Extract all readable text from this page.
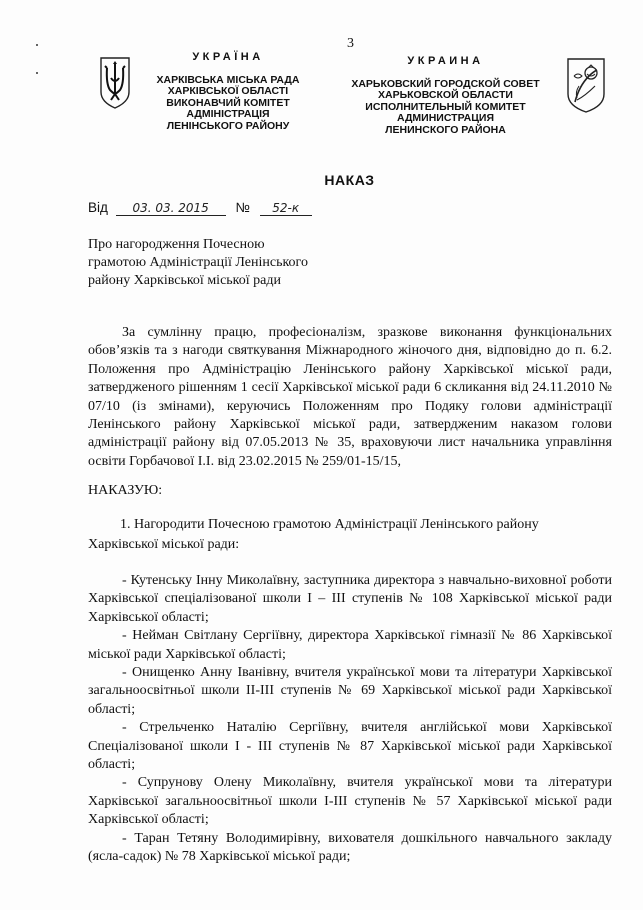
3
УКРАЇНА
ХАРКІВСЬКА МІСЬКА РАДА
ХАРКІВСЬКОЇ ОБЛАСТІ
ВИКОНАВЧИЙ КОМІТЕТ
АДМІНІСТРАЦІЯ
ЛЕНІНСЬКОГО РАЙОНУ
УКРАИНА
ХАРЬКОВСКИЙ ГОРОДСКОЙ СОВЕТ
ХАРЬКОВСКОЙ ОБЛАСТИ
ИСПОЛНИТЕЛЬНЫЙ КОМИТЕТ
АДМИНИСТРАЦИЯ
ЛЕНИНСКОГО РАЙОНА
НАКАЗ
Від 03. 03. 2015 № 52-к
Про нагородження Почесною
грамотою Адміністрації Ленінського
району Харківської міської ради
За сумлінну працю, професіоналізм, зразкове виконання функціональних обов’язків та з нагоди святкування Міжнародного жіночого дня, відповідно до п. 6.2. Положення про Адміністрацію Ленінського району Харківської міської ради, затвердженого рішенням 1 сесії Харківської міської ради 6 скликання від 24.11.2010 № 07/10 (із змінами), керуючись Положенням про Подяку голови адміністрації Ленінського району Харківської міської ради, затвердженим наказом голови адміністрації району від 07.05.2013 № 35, враховуючи лист начальника управління освіти Горбачової І.І. від 23.02.2015 № 259/01-15/15,
НАКАЗУЮ:
1. Нагородити Почесною грамотою Адміністрації Ленінського району
Харківської міської ради:

- Кутенську Інну Миколаївну, заступника директора з навчально-виховної роботи Харківської спеціалізованої школи І – ІІІ ступенів № 108 Харківської міської ради Харківської області;

- Нейман Світлану Сергіївну, директора Харківської гімназії № 86 Харківської міської ради Харківської області;

- Онищенко Анну Іванівну, вчителя української мови та літератури Харківської загальноосвітньої школи ІІ-ІІІ ступенів № 69 Харківської міської ради Харківської області;

- Стрельченко Наталію Сергіївну, вчителя англійської мови Харківської Спеціалізованої школи І - ІІІ ступенів № 87 Харківської міської ради Харківської області;

- Супрунову Олену Миколаївну, вчителя української мови та літератури Харківської загальноосвітньої школи І-ІІІ ступенів № 57 Харківської міської ради Харківської області;

- Таран Тетяну Володимирівну, вихователя дошкільного навчального закладу (ясла-садок) № 78 Харківської міської ради;
